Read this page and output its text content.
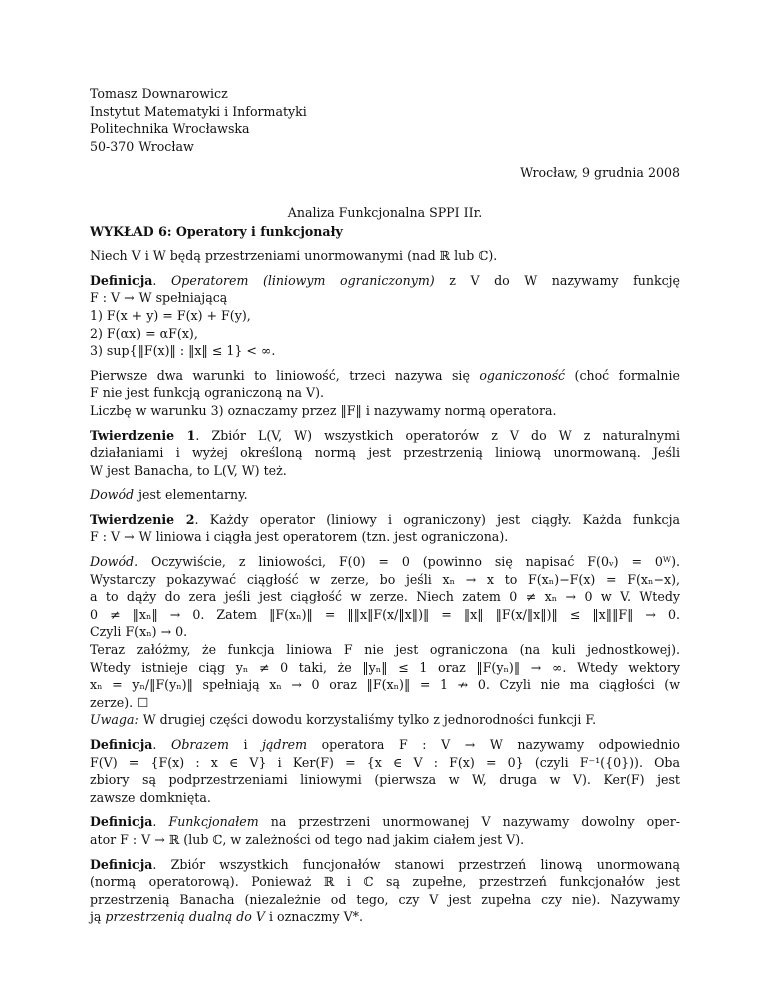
Tomasz Downarowicz
Instytut Matematyki i Informatyki
Politechnika Wrocławska
50-370 Wrocław
Wrocław, 9 grudnia 2008
Analiza Funkcjonalna SPPI IIr.
WYKŁAD 6: Operatory i funkcjonały
Niech V i W będą przestrzeniami unormowanymi (nad ℝ lub ℂ).
Definicja. Operatorem (liniowym ograniczonym) z V do W nazywamy funkcję
F : V → W spełniającą
1) F(x + y) = F(x) + F(y),
2) F(αx) = αF(x),
3) sup{‖F(x)‖ : ‖x‖ ≤ 1} < ∞.
Pierwsze dwa warunki to liniowość, trzeci nazywa się oganiczoność (choć formalnie
F nie jest funkcją ograniczoną na V).
Liczbę w warunku 3) oznaczamy przez ‖F‖ i nazywamy normą operatora.
Twierdzenie 1. Zbiór L(V, W) wszystkich operatorów z V do W z naturalnymi
działaniami i wyżej określoną normą jest przestrzenią liniową unormowaną. Jeśli
W jest Banacha, to L(V, W) też.
Dowód jest elementarny.
Twierdzenie 2. Każdy operator (liniowy i ograniczony) jest ciągły. Każda funkcja
F : V → W liniowa i ciągła jest operatorem (tzn. jest ograniczona).
Dowód. Oczywiście, z liniowości, F(0) = 0 (powinno się napisać F(0ᵥ) = 0ᵂ).
Wystarczy pokazywać ciągłość w zerze, bo jeśli xₙ → x to F(xₙ)−F(x) = F(xₙ−x),
a to dąży do zera jeśli jest ciągłość w zerze. Niech zatem 0 ≠ xₙ → 0 w V. Wtedy
0 ≠ ‖xₙ‖ → 0. Zatem ‖F(xₙ)‖ = ‖‖x‖F(x/‖x‖)‖ = ‖x‖ ‖F(x/‖x‖)‖ ≤ ‖x‖‖F‖ → 0.
Czyli F(xₙ) → 0.
Teraz załóżmy, że funkcja liniowa F nie jest ograniczona (na kuli jednostkowej).
Wtedy istnieje ciąg yₙ ≠ 0 taki, że ‖yₙ‖ ≤ 1 oraz ‖F(yₙ)‖ → ∞. Wtedy wektory
xₙ = yₙ/‖F(yₙ)‖ spełniają xₙ → 0 oraz ‖F(xₙ)‖ = 1 ↛ 0. Czyli nie ma ciągłości (w
zerze). ☐
Uwaga: W drugiej części dowodu korzystaliśmy tylko z jednorodności funkcji F.
Definicja. Obrazem i jądrem operatora F : V → W nazywamy odpowiednio
F(V) = {F(x) : x ∈ V} i Ker(F) = {x ∈ V : F(x) = 0} (czyli F⁻¹({0})). Oba
zbiory są podprzestrzeniami liniowymi (pierwsza w W, druga w V). Ker(F) jest
zawsze domknięta.
Definicja. Funkcjonałem na przestrzeni unormowanej V nazywamy dowolny oper-
ator F : V → ℝ (lub ℂ, w zależności od tego nad jakim ciałem jest V).
Definicja. Zbiór wszystkich funcjonałów stanowi przestrzeń linową unormowaną
(normą operatorową). Ponieważ ℝ i ℂ są zupełne, przestrzeń funkcjonałów jest
przestrzenią Banacha (niezależnie od tego, czy V jest zupełna czy nie). Nazywamy
ją przestrzenią dualną do V i oznaczmy V*.
